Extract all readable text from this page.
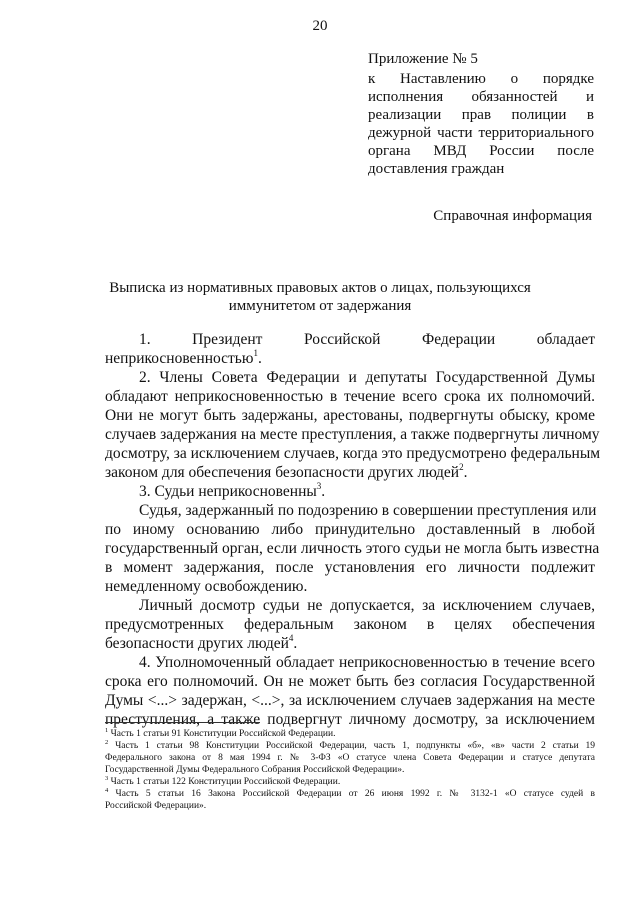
20
Приложение № 5
к Наставлению о порядке
исполнения обязанностей и
реализации прав полиции в
дежурной части территориального
органа МВД России после
доставления граждан
Справочная информация
Выписка из нормативных правовых актов о лицах, пользующихся
иммунитетом от задержания
1. Президент Российской Федерации обладает
неприкосновенностью$^1$.
2. Члены Совета Федерации и депутаты Государственной Думы
обладают неприкосновенностью в течение всего срока их полномочий.
Они не могут быть задержаны, арестованы, подвергнуты обыску, кроме
случаев задержания на месте преступления, а также подвергнуты личному
досмотру, за исключением случаев, когда это предусмотрено федеральным
законом для обеспечения безопасности других людей$^2$.
3. Судьи неприкосновенны$^3$.
Судья, задержанный по подозрению в совершении преступления или
по иному основанию либо принудительно доставленный в любой
государственный орган, если личность этого судьи не могла быть известна
в момент задержания, после установления его личности подлежит
немедленному освобождению.
Личный досмотр судьи не допускается, за исключением случаев,
предусмотренных федеральным законом в целях обеспечения
безопасности других людей$^4$.
4. Уполномоченный обладает неприкосновенностью в течение всего
срока его полномочий. Он не может быть без согласия Государственной
Думы <...> задержан, <...>, за исключением случаев задержания на месте
преступления, а также подвергнут личному досмотру, за исключением
$^1$ Часть 1 статьи 91 Конституции Российской Федерации.
$^2$ Часть 1 статьи 98 Конституции Российской Федерации, часть 1, подпункты «б», «в» части 2 статьи 19
Федерального закона от 8 мая 1994 г. № 3-ФЗ «О статусе члена Совета Федерации и статусе депутата
Государственной Думы Федерального Собрания Российской Федерации».
$^3$ Часть 1 статьи 122 Конституции Российской Федерации.
$^4$ Часть 5 статьи 16 Закона Российской Федерации от 26 июня 1992 г. № 3132-1 «О статусе судей в
Российской Федерации».
